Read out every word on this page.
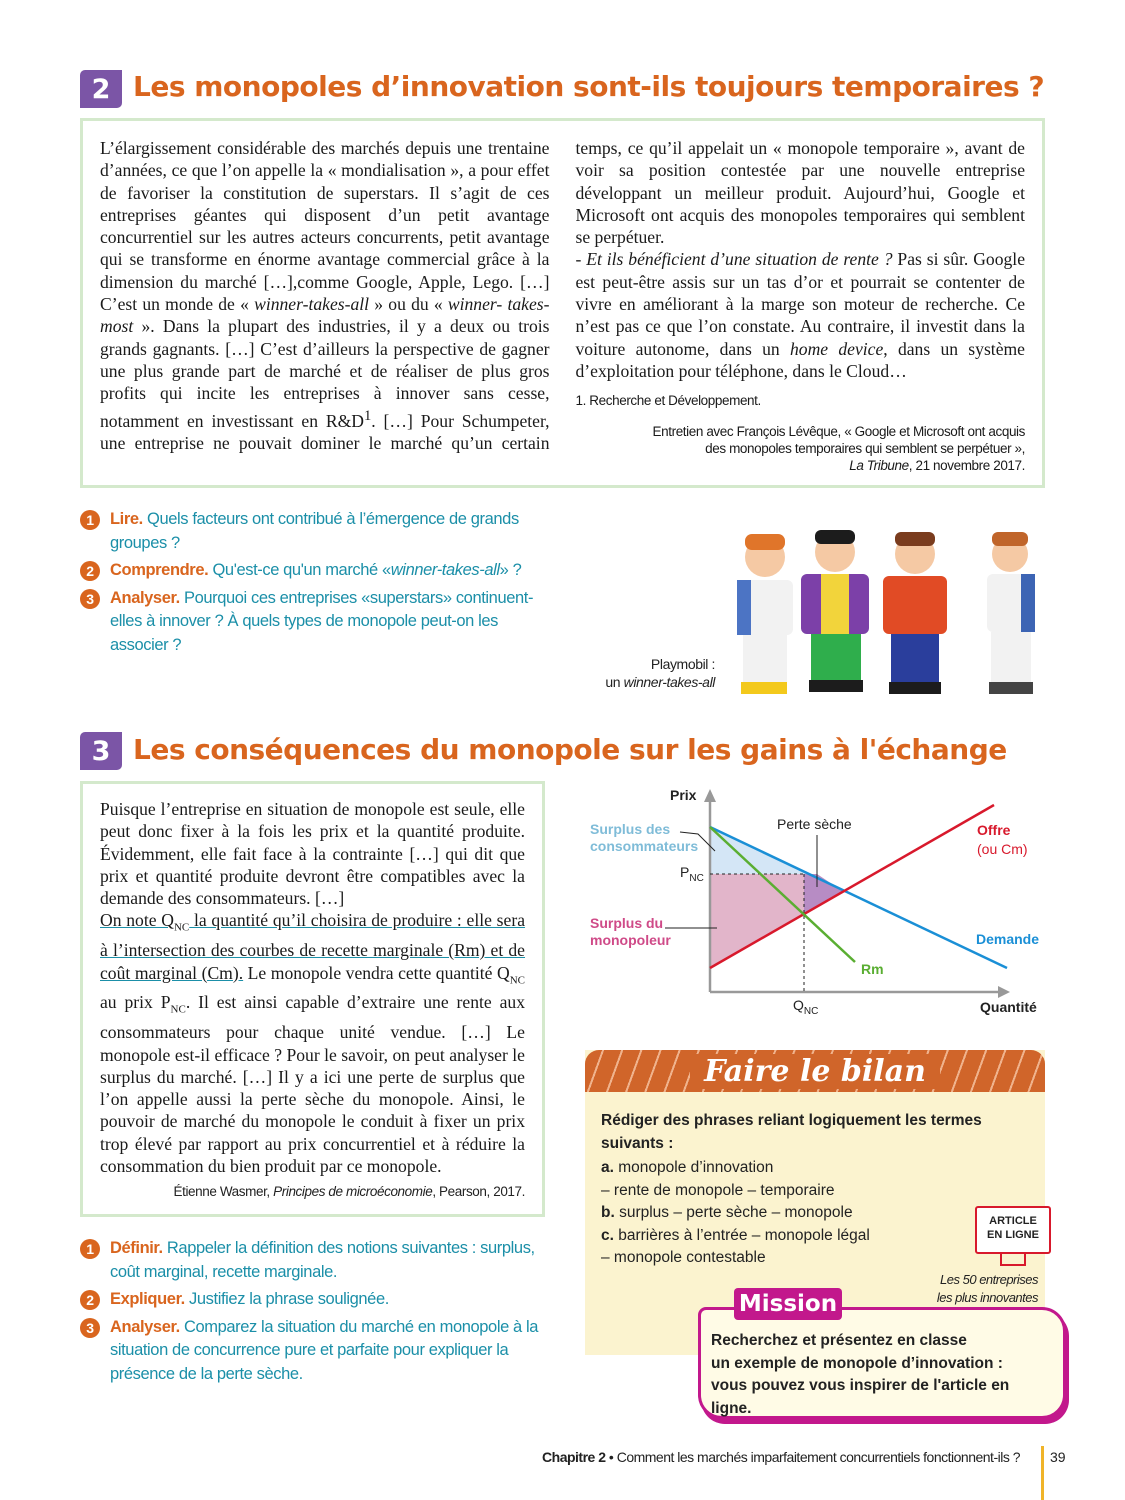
2 Les monopoles d’innovation sont-ils toujours temporaires ?
L’élargissement considérable des marchés depuis une trentaine d’années, ce que l’on appelle la « mondialisation », a pour effet de favoriser la constitution de superstars. Il s’agit de ces entreprises géantes qui disposent d’un petit avantage concurrentiel sur les autres acteurs concurrents, petit avantage qui se transforme en énorme avantage commercial grâce à la dimension du marché […],comme Google, Apple, Lego. […] C’est un monde de « winner-takes-all » ou du « winner- takes-most ». Dans la plupart des industries, il y a deux ou trois grands gagnants. […] C’est d’ailleurs la perspective de gagner une plus grande part de marché et de réaliser de plus gros profits qui incite les entreprises à innover sans cesse, notamment en investissant en $R\&D^1$. […] Pour Schumpeter, une entreprise ne pouvait dominer le marché qu’un certain temps, ce qu’il appelait un « monopole temporaire », avant de voir sa position contestée par une nouvelle entreprise développant un meilleur produit. Aujourd’hui, Google et Microsoft ont acquis des monopoles temporaires qui semblent se perpétuer.
- Et ils bénéficient d’une situation de rente ? Pas si sûr. Google est peut-être assis sur un tas d’or et pourrait se contenter de vivre en améliorant à la marge son moteur de recherche. Ce n’est pas ce que l’on constate. Au contraire, il investit dans la voiture autonome, dans un home device, dans un système d’exploitation pour téléphone, dans le Cloud…
1. Recherche et Développement.
Entretien avec François Lévêque, « Google et Microsoft ont acquis
des monopoles temporaires qui semblent se perpétuer »,
La Tribune, 21 novembre 2017.
1 Lire. Quels facteurs ont contribué à l’émergence de grands groupes ?
2 Comprendre. Qu'est-ce qu'un marché «winner-takes-all» ?
3 Analyser. Pourquoi ces entreprises «superstars» continuent-elles à innover ? À quels types de monopole peut-on les associer ?
Playmobil :
un winner-takes-all
3 Les conséquences du monopole sur les gains à l'échange
Puisque l’entreprise en situation de monopole est seule, elle peut donc fixer à la fois les prix et la quantité produite. Évidemment, elle fait face à la contrainte […] qui dit que prix et quantité produite devront être compatibles avec la demande des consommateurs. […]
On note $Q_{NC}$ la quantité qu’il choisira de produire : elle sera à l’intersection des courbes de recette marginale (Rm) et de coût marginal (Cm). Le monopole vendra cette quantité $Q_{NC}$ au prix $P_{NC}$. Il est ainsi capable d’extraire une rente aux consommateurs pour chaque unité vendue. […] Le monopole est-il efficace ? Pour le savoir, on peut analyser le surplus du marché. […] Il y a ici une perte de surplus que l’on appelle aussi la perte sèche du monopole. Ainsi, le pouvoir de marché du monopole le conduit à fixer un prix trop élevé par rapport au prix concurrentiel et à réduire la consommation du bien produit par ce monopole.
Étienne Wasmer, Principes de microéconomie, Pearson, 2017.
1 Définir. Rappeler la définition des notions suivantes : surplus, coût marginal, recette marginale.
2 Expliquer. Justifiez la phrase soulignée.
3 Analyser. Comparez la situation du marché en monopole à la situation de concurrence pure et parfaite pour expliquer la présence de la perte sèche.
Prix
Surplus des consommateurs
Surplus du monopoleur
Perte sèche
$P_{NC}$
$Q_{NC}$
Offre (ou Cm)
Demande
Rm
Quantité
Faire le bilan
Rédiger des phrases reliant logiquement les termes suivants :
a. monopole d’innovation
– rente de monopole – temporaire
b. surplus – perte sèche – monopole
c. barrières à l’entrée – monopole légal
– monopole contestable
ARTICLE
EN LIGNE
Les 50 entreprises
les plus innovantes
Recherchez et présentez en classe
un exemple de monopole d’innovation :
vous pouvez vous inspirer de l'article en ligne.
Mission
Chapitre 2 • Comment les marchés imparfaitement concurrentiels fonctionnent-ils ? 39
